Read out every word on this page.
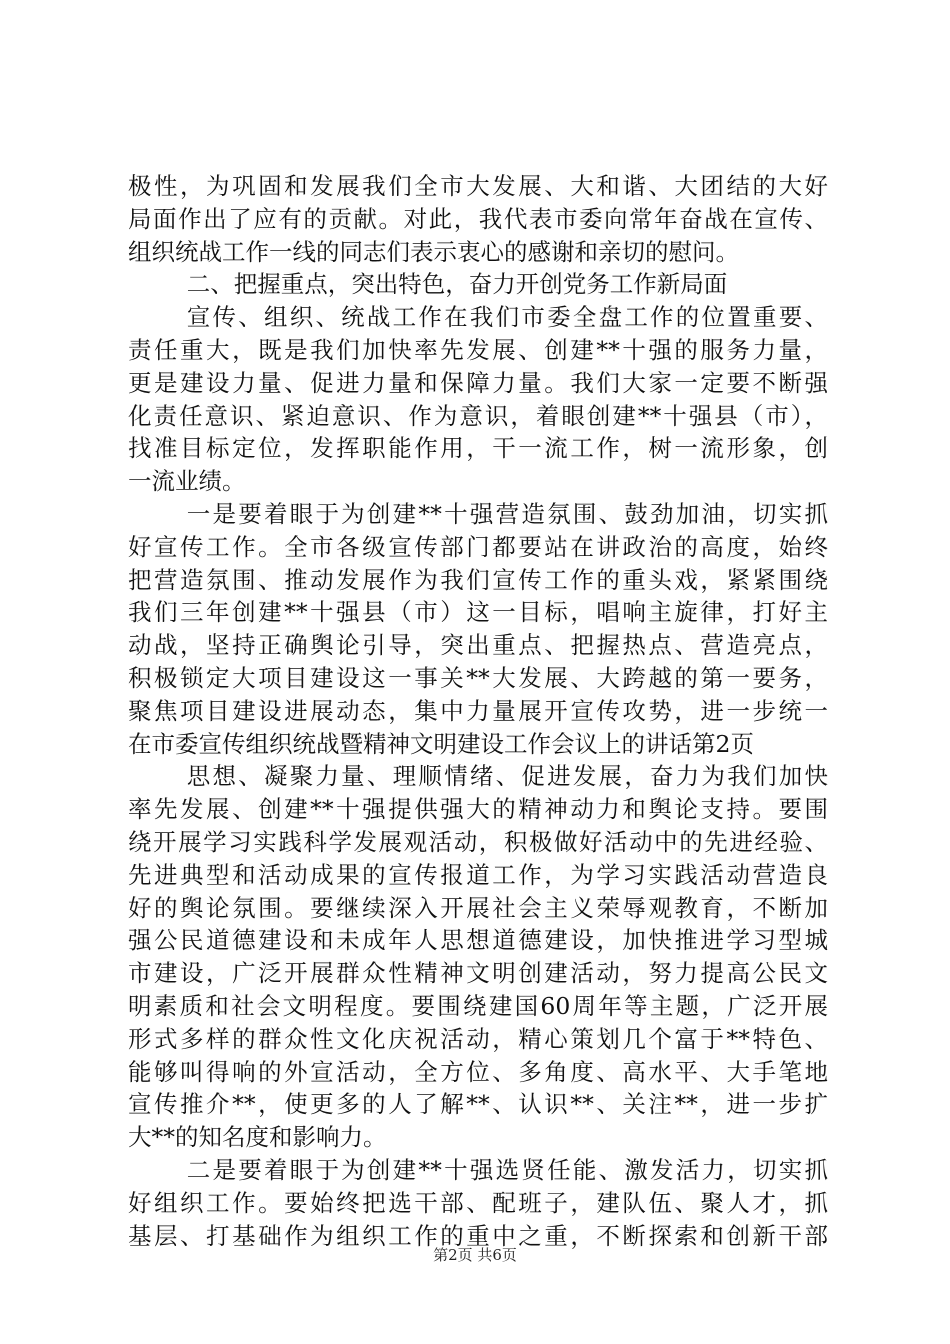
极性，为巩固和发展我们全市大发展、大和谐、大团结的大好
局面作出了应有的贡献。对此，我代表市委向常年奋战在宣传、
组织统战工作一线的同志们表示衷心的感谢和亲切的慰问。
二、把握重点，突出特色，奋力开创党务工作新局面
宣传、组织、统战工作在我们市委全盘工作的位置重要、
责任重大，既是我们加快率先发展、创建**十强的服务力量，
更是建设力量、促进力量和保障力量。我们大家一定要不断强
化责任意识、紧迫意识、作为意识，着眼创建**十强县（市），
找准目标定位，发挥职能作用，干一流工作，树一流形象，创
一流业绩。
一是要着眼于为创建**十强营造氛围、鼓劲加油，切实抓
好宣传工作。全市各级宣传部门都要站在讲政治的高度，始终
把营造氛围、推动发展作为我们宣传工作的重头戏，紧紧围绕
我们三年创建**十强县（市）这一目标，唱响主旋律，打好主
动战，坚持正确舆论引导，突出重点、把握热点、营造亮点，
积极锁定大项目建设这一事关**大发展、大跨越的第一要务，
聚焦项目建设进展动态，集中力量展开宣传攻势，进一步统一
在市委宣传组织统战暨精神文明建设工作会议上的讲话第2页
思想、凝聚力量、理顺情绪、促进发展，奋力为我们加快
率先发展、创建**十强提供强大的精神动力和舆论支持。要围
绕开展学习实践科学发展观活动，积极做好活动中的先进经验、
先进典型和活动成果的宣传报道工作，为学习实践活动营造良
好的舆论氛围。要继续深入开展社会主义荣辱观教育，不断加
强公民道德建设和未成年人思想道德建设，加快推进学习型城
市建设，广泛开展群众性精神文明创建活动，努力提高公民文
明素质和社会文明程度。要围绕建国60周年等主题，广泛开展
形式多样的群众性文化庆祝活动，精心策划几个富于**特色、
能够叫得响的外宣活动，全方位、多角度、高水平、大手笔地
宣传推介**，使更多的人了解**、认识**、关注**，进一步扩
大**的知名度和影响力。
二是要着眼于为创建**十强选贤任能、激发活力，切实抓
好组织工作。要始终把选干部、配班子，建队伍、聚人才，抓
基层、打基础作为组织工作的重中之重，不断探索和创新干部
第2页 共6页
